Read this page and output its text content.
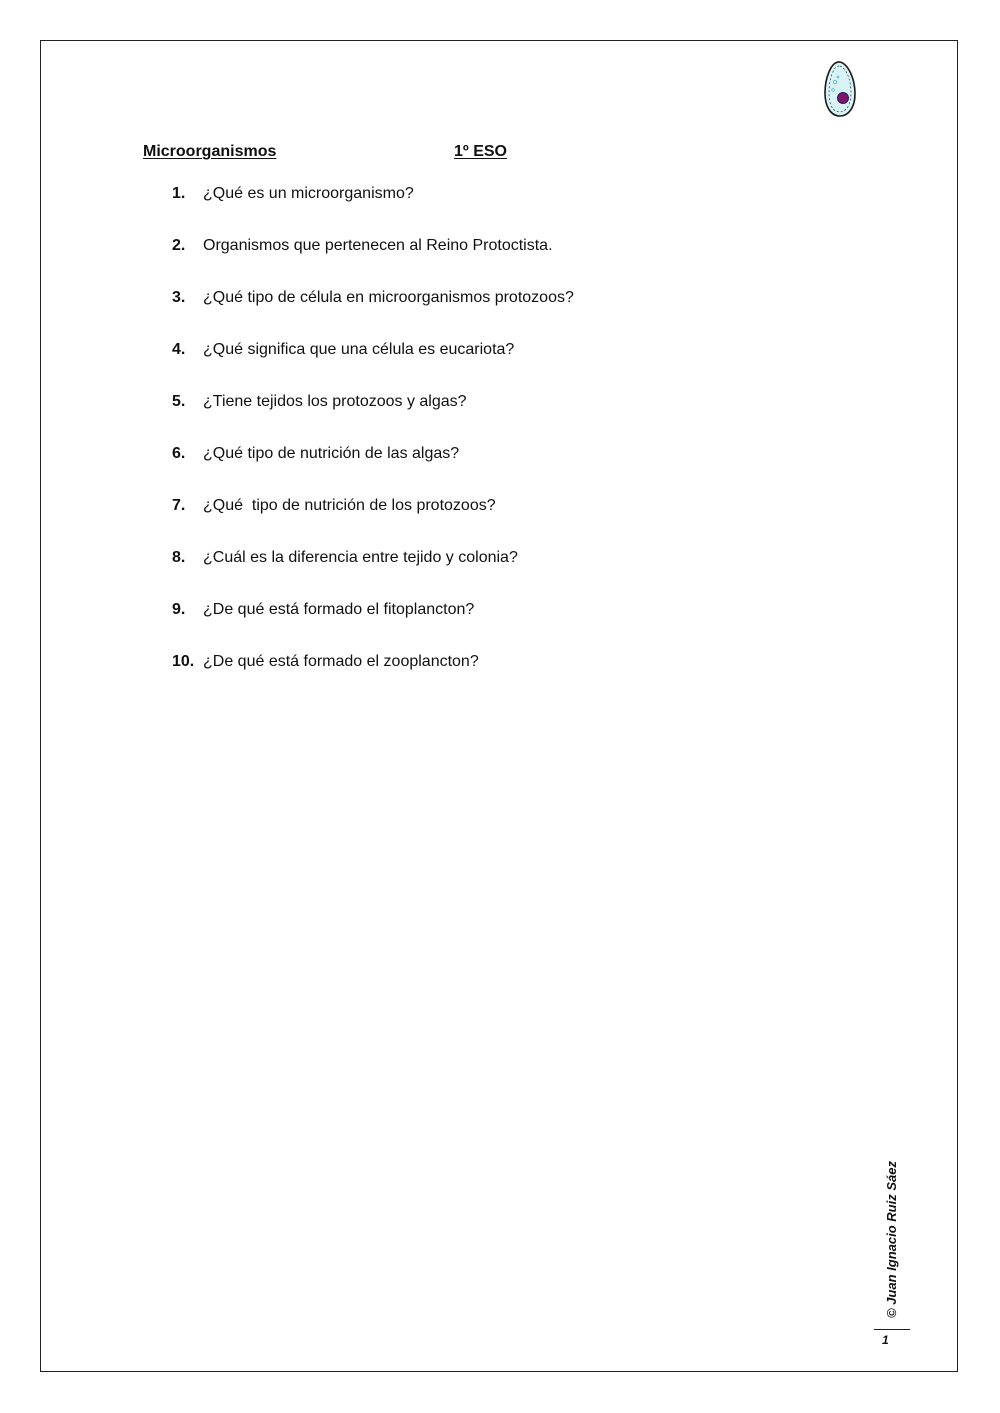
Microorganismos	1º ESO
1.	¿Qué es un microorganismo?
2.	Organismos que pertenecen al Reino Protoctista.
3.	¿Qué tipo de célula en microorganismos protozoos?
4.	¿Qué significa que una célula es eucariota?
5.	¿Tiene tejidos los protozoos y algas?
6.	¿Qué tipo de nutrición de las algas?
7.	¿Qué  tipo de nutrición de los protozoos?
8.	¿Cuál es la diferencia entre tejido y colonia?
9.	¿De qué está formado el fitoplancton?
10. ¿De qué está formado el zooplancton?
© Juan Ignacio Ruiz Sáez
1
